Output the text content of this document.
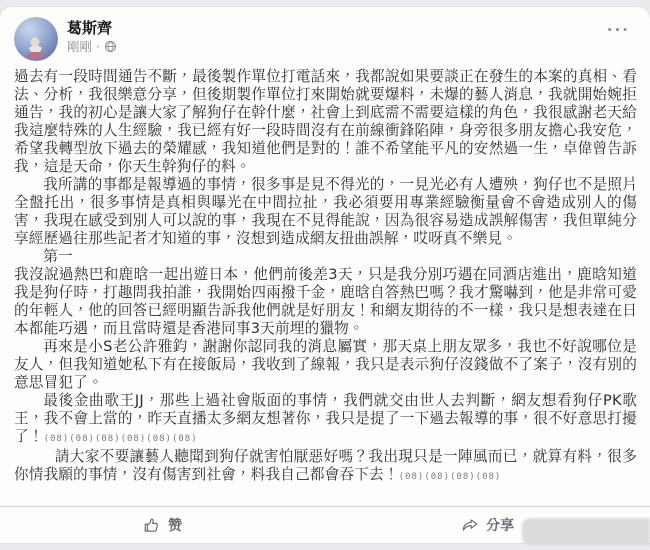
葛斯齊
剛剛 ·
···

過去有一段時間通告不斷，最後製作單位打電話來，我都說如果要談正在發生的本案的真相、看法、分析，我很樂意分享，但後期製作單位打來開始就要爆料，未爆的藝人消息，我就開始婉拒通告，我的初心是讓大家了解狗仔在幹什麼，社會上到底需不需要這樣的角色，我很感謝老天給我這麼特殊的人生經驗，我已經有好一段時間沒有在前線衝鋒陷陣，身旁很多朋友擔心我安危，希望我轉型放下過去的榮耀感，我知道他們是對的！誰不希望能平凡的安然過一生，卓偉曾告訴我，這是天命，你天生幹狗仔的料。

我所講的事都是報導過的事情，很多事是見不得光的，一見光必有人遭殃，狗仔也不是照片全盤托出，很多事情是真相與曝光在中間拉扯，我必須要用專業經驗衡量會不會造成別人的傷害，我現在感受到別人可以說的事，我現在不見得能說，因為很容易造成誤解傷害，我但單純分享經歷過往那些記者才知道的事，沒想到造成網友扭曲誤解，哎呀真不樂見。

第一

我沒說過熱巴和鹿晗一起出遊日本，他們前後差3天，只是我分別巧遇在同酒店進出，鹿晗知道我是狗仔時，打趣問我拍誰，我開始四兩撥千金，鹿晗自答熱巴嗎？我才驚嚇到，他是非常可愛的年輕人，他的回答已經明顯告訴我他們就是好朋友！和網友期待的不一樣，我只是想表達在日本都能巧遇，而且當時還是香港同事3天前埋的獵物。

再來是小S老公許雅鈞，謝謝你認同我的消息屬實，那天桌上朋友眾多，我也不好說哪位是友人，但我知道她私下有在接飯局，我收到了線報，我只是表示狗仔沒錢做不了案子，沒有別的意思冒犯了。

最後金曲歌王JJ，那些上過社會版面的事情，我們就交由世人去判斷，網友想看狗仔PK歌王，我不會上當的，昨天直播太多網友想著你，我只是提了一下過去報導的事，很不好意思打擾了！(08)(08)(08)(08)(08)(08)

請大家不要讓藝人聽聞到狗仔就害怕厭惡好嗎？我出現只是一陣風而已，就算有料，很多你情我願的事情，沒有傷害到社會，料我自己都會吞下去！(08)(08)(08)(08)

赞	分享
